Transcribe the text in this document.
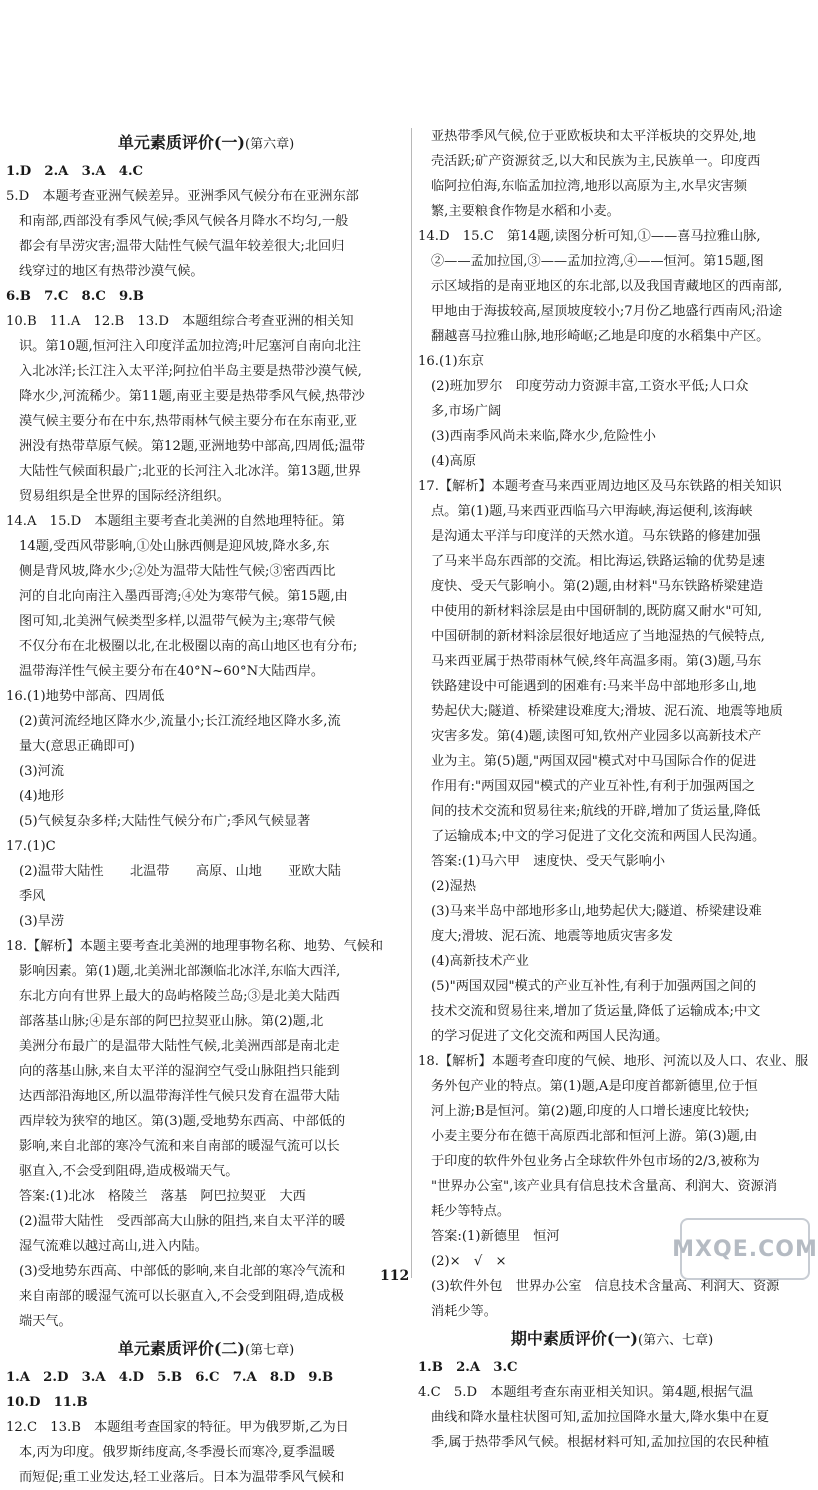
单元素质评价(一)(第六章)
1.D　2.A　3.A　4.C
5.D　本题考查亚洲气候差异。亚洲季风气候分布在亚洲东部
和南部,西部没有季风气候;季风气候各月降水不均匀,一般
都会有旱涝灾害;温带大陆性气候气温年较差很大;北回归
线穿过的地区有热带沙漠气候。
6.B　7.C　8.C　9.B
10.B　11.A　12.B　13.D　本题组综合考查亚洲的相关知
识。第10题,恒河注入印度洋孟加拉湾;叶尼塞河自南向北注
入北冰洋;长江注入太平洋;阿拉伯半岛主要是热带沙漠气候,
降水少,河流稀少。第11题,南亚主要是热带季风气候,热带沙
漠气候主要分布在中东,热带雨林气候主要分布在东南亚,亚
洲没有热带草原气候。第12题,亚洲地势中部高,四周低;温带
大陆性气候面积最广;北亚的长河注入北冰洋。第13题,世界
贸易组织是全世界的国际经济组织。
14.A　15.D　本题组主要考查北美洲的自然地理特征。第
14题,受西风带影响,①处山脉西侧是迎风坡,降水多,东
侧是背风坡,降水少;②处为温带大陆性气候;③密西西比
河的自北向南注入墨西哥湾;④处为寒带气候。第15题,由
图可知,北美洲气候类型多样,以温带气候为主;寒带气候
不仅分布在北极圈以北,在北极圈以南的高山地区也有分布;
温带海洋性气候主要分布在40°N~60°N大陆西岸。
16.(1)地势中部高、四周低
(2)黄河流经地区降水少,流量小;长江流经地区降水多,流
量大(意思正确即可)
(3)河流
(4)地形
(5)气候复杂多样;大陆性气候分布广;季风气候显著
17.(1)C
(2)温带大陆性　　北温带　　高原、山地　　亚欧大陆
季风
(3)旱涝
18.【解析】本题主要考查北美洲的地理事物名称、地势、气候和
影响因素。第(1)题,北美洲北部濒临北冰洋,东临大西洋,
东北方向有世界上最大的岛屿格陵兰岛;③是北美大陆西
部落基山脉;④是东部的阿巴拉契亚山脉。第(2)题,北
美洲分布最广的是温带大陆性气候,北美洲西部是南北走
向的落基山脉,来自太平洋的湿润空气受山脉阻挡只能到
达西部沿海地区,所以温带海洋性气候只发育在温带大陆
西岸较为狭窄的地区。第(3)题,受地势东西高、中部低的
影响,来自北部的寒冷气流和来自南部的暖湿气流可以长
驱直入,不会受到阻碍,造成极端天气。
答案:(1)北冰　格陵兰　落基　阿巴拉契亚　大西
(2)温带大陆性　受西部高大山脉的阻挡,来自太平洋的暖
湿气流难以越过高山,进入内陆。
(3)受地势东西高、中部低的影响,来自北部的寒冷气流和
来自南部的暖湿气流可以长驱直入,不会受到阻碍,造成极
端天气。
单元素质评价(二)(第七章)
1.A　2.D　3.A　4.D　5.B　6.C　7.A　8.D　9.B
10.D　11.B
12.C　13.B　本题组考查国家的特征。甲为俄罗斯,乙为日
本,丙为印度。俄罗斯纬度高,冬季漫长而寒冷,夏季温暖
而短促;重工业发达,轻工业落后。日本为温带季风气候和
亚热带季风气候,位于亚欧板块和太平洋板块的交界处,地
壳活跃;矿产资源贫乏,以大和民族为主,民族单一。印度西
临阿拉伯海,东临孟加拉湾,地形以高原为主,水旱灾害频
繁,主要粮食作物是水稻和小麦。
14.D　15.C　第14题,读图分析可知,①——喜马拉雅山脉,
②——孟加拉国,③——孟加拉湾,④——恒河。第15题,图
示区域指的是南亚地区的东北部,以及我国青藏地区的西南部,
甲地由于海拔较高,屋顶坡度较小;7月份乙地盛行西南风;沿途
翻越喜马拉雅山脉,地形崎岖;乙地是印度的水稻集中产区。
16.(1)东京
(2)班加罗尔　印度劳动力资源丰富,工资水平低;人口众
多,市场广阔
(3)西南季风尚未来临,降水少,危险性小
(4)高原
17.【解析】本题考查马来西亚周边地区及马东铁路的相关知识
点。第(1)题,马来西亚西临马六甲海峡,海运便利,该海峡
是沟通太平洋与印度洋的天然水道。马东铁路的修建加强
了马来半岛东西部的交流。相比海运,铁路运输的优势是速
度快、受天气影响小。第(2)题,由材料"马东铁路桥梁建造
中使用的新材料涂层是由中国研制的,既防腐又耐水"可知,
中国研制的新材料涂层很好地适应了当地湿热的气候特点,
马来西亚属于热带雨林气候,终年高温多雨。第(3)题,马东
铁路建设中可能遇到的困难有:马来半岛中部地形多山,地
势起伏大;隧道、桥梁建设难度大;滑坡、泥石流、地震等地质
灾害多发。第(4)题,读图可知,钦州产业园多以高新技术产
业为主。第(5)题,"两国双园"模式对中马国际合作的促进
作用有:"两国双园"模式的产业互补性,有利于加强两国之
间的技术交流和贸易往来;航线的开辟,增加了货运量,降低
了运输成本;中文的学习促进了文化交流和两国人民沟通。
答案:(1)马六甲　速度快、受天气影响小
(2)湿热
(3)马来半岛中部地形多山,地势起伏大;隧道、桥梁建设难
度大;滑坡、泥石流、地震等地质灾害多发
(4)高新技术产业
(5)"两国双园"模式的产业互补性,有利于加强两国之间的
技术交流和贸易往来,增加了货运量,降低了运输成本;中文
的学习促进了文化交流和两国人民沟通。
18.【解析】本题考查印度的气候、地形、河流以及人口、农业、服
务外包产业的特点。第(1)题,A是印度首都新德里,位于恒
河上游;B是恒河。第(2)题,印度的人口增长速度比较快;
小麦主要分布在德干高原西北部和恒河上游。第(3)题,由
于印度的软件外包业务占全球软件外包市场的2/3,被称为
"世界办公室",该产业具有信息技术含量高、利润大、资源消
耗少等特点。
答案:(1)新德里　恒河
(2)×　√　×
(3)软件外包　世界办公室　信息技术含量高、利润大、资源
消耗少等。
期中素质评价(一)(第六、七章)
1.B　2.A　3.C
4.C　5.D　本题组考查东南亚相关知识。第4题,根据气温
曲线和降水量柱状图可知,孟加拉国降水量大,降水集中在夏
季,属于热带季风气候。根据材料可知,孟加拉国的农民种植
MXQE.COM
112
